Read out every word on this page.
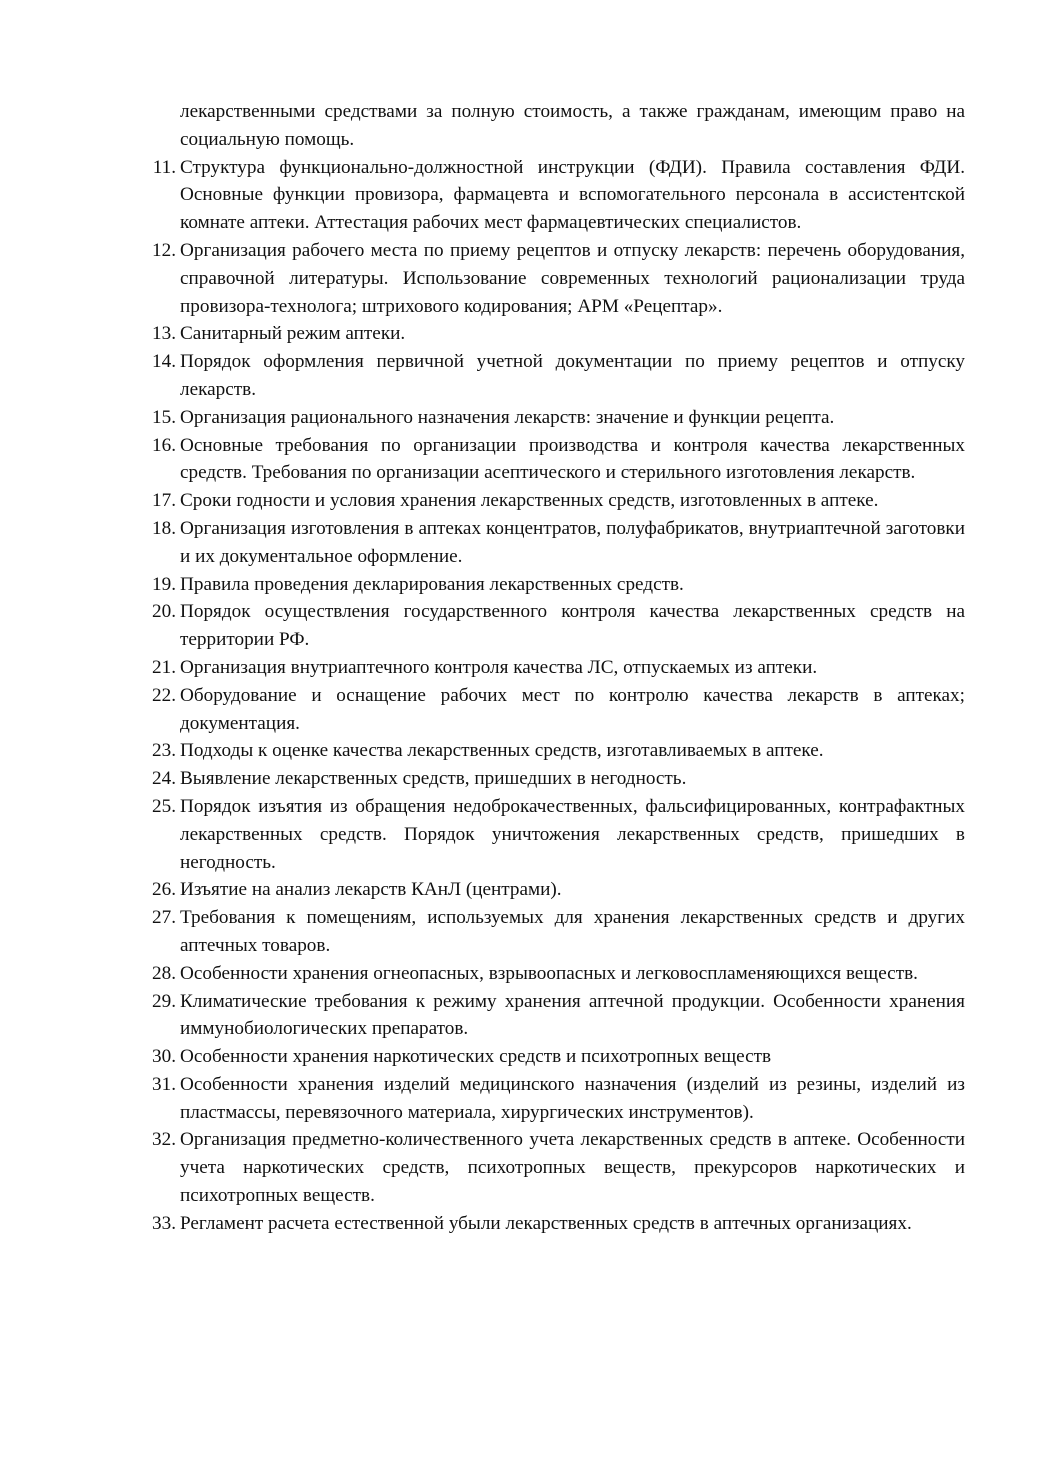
лекарственными средствами за полную стоимость, а также гражданам, имеющим право на социальную помощь.

11. Структура функционально-должностной инструкции (ФДИ). Правила составления ФДИ. Основные функции провизора, фармацевта и вспомогательного персонала в ассистентской комнате аптеки. Аттестация рабочих мест фармацевтических специалистов.
12. Организация рабочего места по приему рецептов и отпуску лекарств: перечень оборудования, справочной литературы. Использование современных технологий рационализации труда провизора-технолога; штрихового кодирования; АРМ «Рецептар».
13. Санитарный режим аптеки.
14. Порядок оформления первичной учетной документации по приему рецептов и отпуску лекарств.
15. Организация рационального назначения лекарств: значение и функции рецепта.
16. Основные требования по организации производства и контроля качества лекарственных средств. Требования по организации асептического и стерильного изготовления лекарств.
17. Сроки годности и условия хранения лекарственных средств, изготовленных в аптеке.
18. Организация изготовления в аптеках концентратов, полуфабрикатов, внутриаптечной заготовки и их документальное оформление.
19. Правила проведения декларирования лекарственных средств.
20. Порядок осуществления государственного контроля качества лекарственных средств на территории РФ.
21. Организация внутриаптечного контроля качества ЛС, отпускаемых из аптеки.
22. Оборудование и оснащение рабочих мест по контролю качества лекарств в аптеках; документация.
23. Подходы к оценке качества лекарственных средств, изготавливаемых в аптеке.
24. Выявление лекарственных средств, пришедших в негодность.
25. Порядок изъятия из обращения недоброкачественных, фальсифицированных, контрафактных лекарственных средств. Порядок уничтожения лекарственных средств, пришедших в негодность.
26. Изъятие на анализ лекарств КАнЛ (центрами).
27. Требования к помещениям, используемых для хранения лекарственных средств и других аптечных товаров.
28. Особенности хранения огнеопасных, взрывоопасных и легковоспламеняющихся веществ.
29. Климатические требования к режиму хранения аптечной продукции. Особенности хранения иммунобиологических препаратов.
30. Особенности хранения наркотических средств и психотропных веществ
31. Особенности хранения изделий медицинского назначения (изделий из резины, изделий из пластмассы, перевязочного материала, хирургических инструментов).
32. Организация предметно-количественного учета лекарственных средств в аптеке. Особенности учета наркотических средств, психотропных веществ, прекурсоров наркотических и психотропных веществ.
33. Регламент расчета естественной убыли лекарственных средств в аптечных организациях.
